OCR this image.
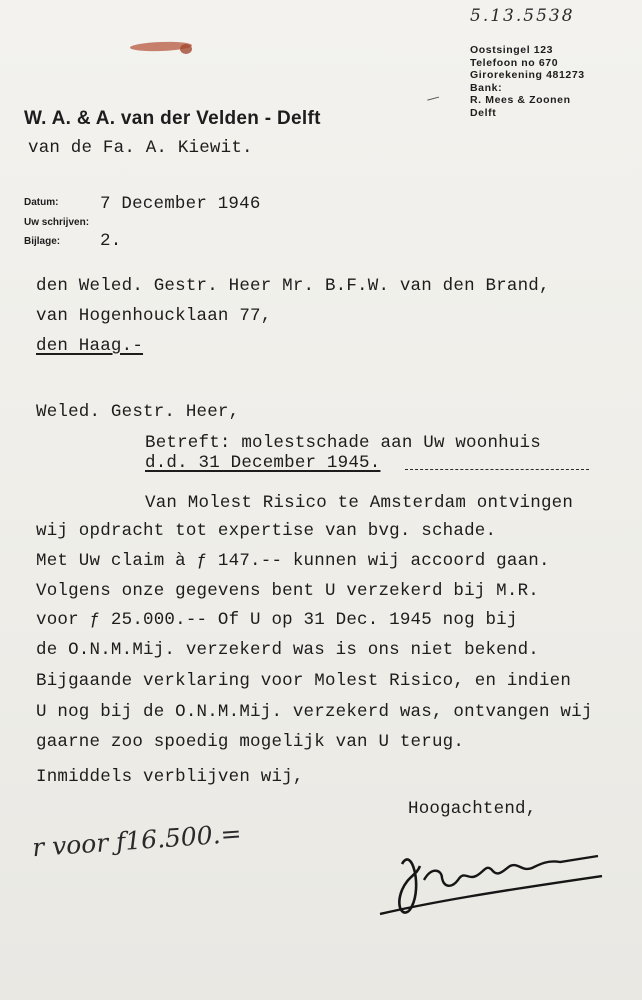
5.13.5538
Oostsingel 123
Telefoon no 670
Girorekening 481273
Bank:
R. Mees & Zoonen
Delft
W. A. & A. van der Velden - Delft
van de Fa. A. Kiewit.
Datum: 7 December 1946
Uw schrijven:
Bijlage: 2.
den Weled. Gestr. Heer Mr. B.F.W. van den Brand,
van Hogenhoucklaan 77,
den Haag.-
Weled. Gestr. Heer,
Betreft: molestschade aan Uw woonhuis
d.d. 31 December 1945.
Van Molest Risico te Amsterdam ontvingen
wij opdracht tot expertise van bvg. schade.
Met Uw claim à ƒ 147.-- kunnen wij accoord gaan.
Volgens onze gegevens bent U verzekerd bij M.R.
voor ƒ 25.000.-- Of U op 31 Dec. 1945 nog bij
de O.N.M.Mij. verzekerd was is ons niet bekend.
Bijgaande verklaring voor Molest Risico, en indien
U nog bij de O.N.M.Mij. verzekerd was, ontvangen wij
gaarne zoo spoedig mogelijk van U terug.
Inmiddels verblijven wij,
Hoogachtend,
r voor ƒ16.500.=
